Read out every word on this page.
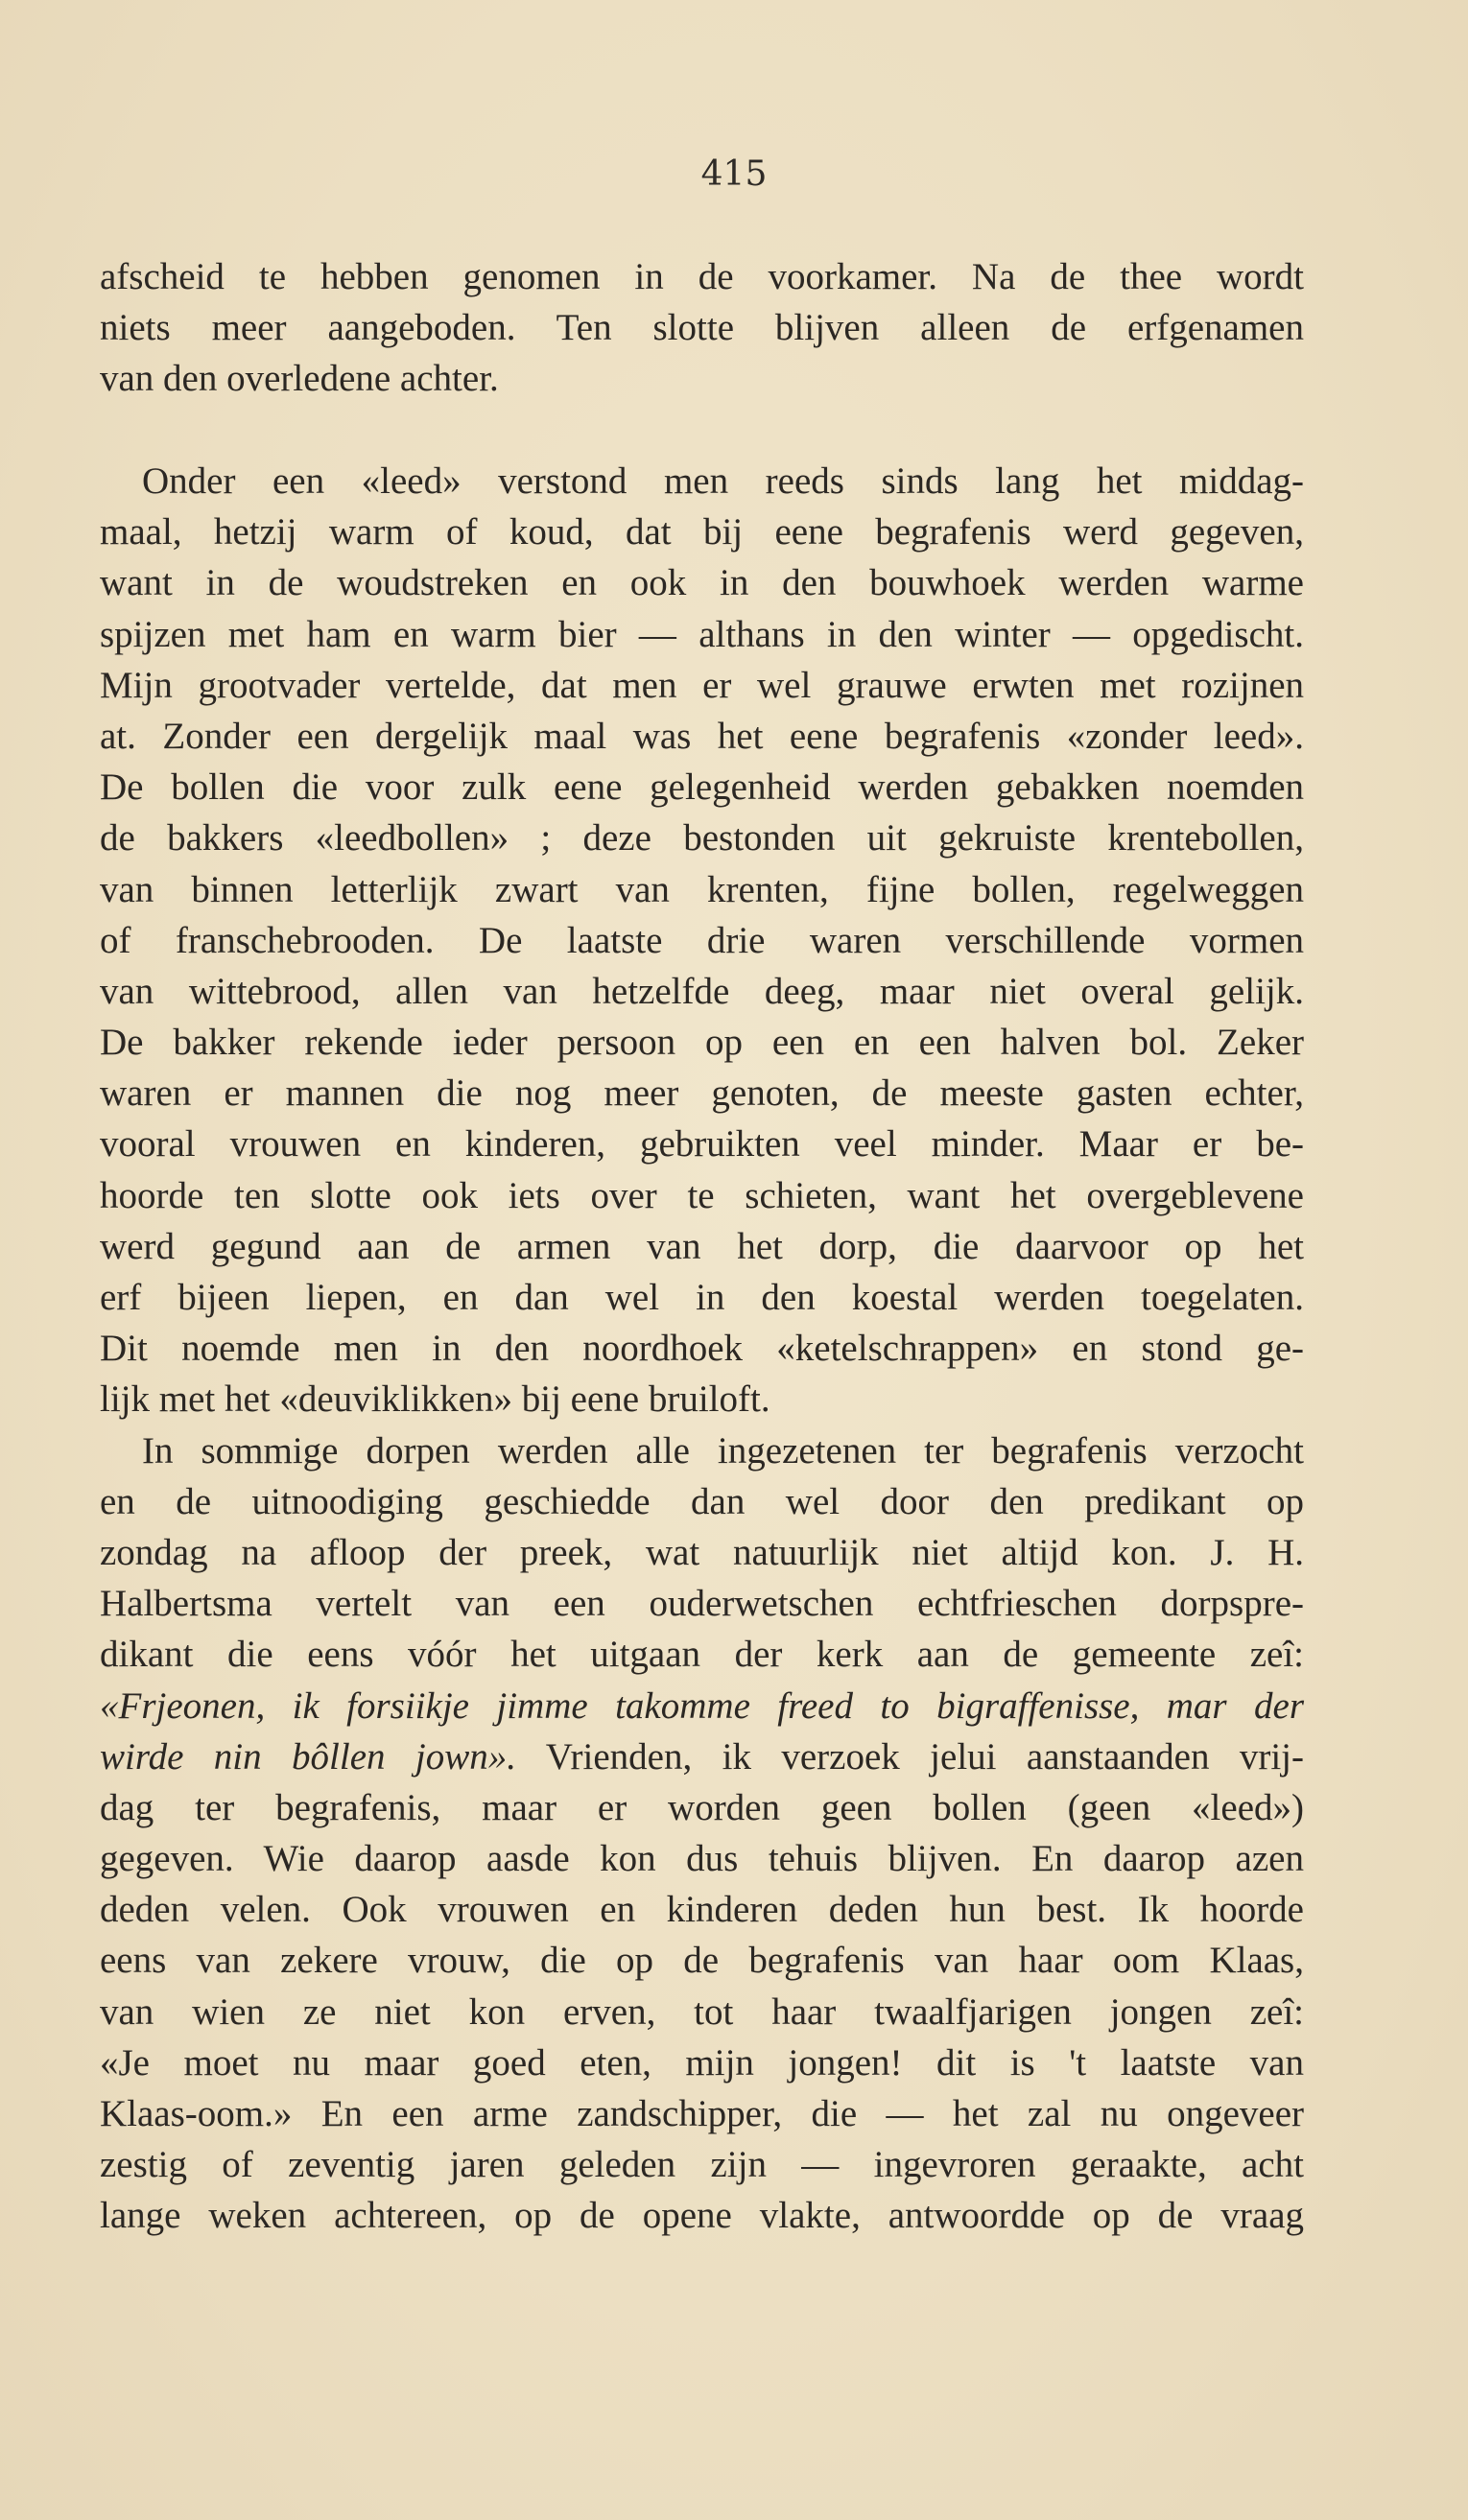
415
afscheid te hebben genomen in de voorkamer. Na de thee wordt
niets meer aangeboden. Ten slotte blijven alleen de erfgenamen
van den overledene achter.
Onder een «leed» verstond men reeds sinds lang het middag-
maal, hetzij warm of koud, dat bij eene begrafenis werd gegeven,
want in de woudstreken en ook in den bouwhoek werden warme
spijzen met ham en warm bier — althans in den winter — opgedischt.
Mijn grootvader vertelde, dat men er wel grauwe erwten met rozijnen
at. Zonder een dergelijk maal was het eene begrafenis «zonder leed».
De bollen die voor zulk eene gelegenheid werden gebakken noemden
de bakkers «leedbollen» ; deze bestonden uit gekruiste krentebollen,
van binnen letterlijk zwart van krenten, fijne bollen, regelweggen
of franschebrooden. De laatste drie waren verschillende vormen
van wittebrood, allen van hetzelfde deeg, maar niet overal gelijk.
De bakker rekende ieder persoon op een en een halven bol. Zeker
waren er mannen die nog meer genoten, de meeste gasten echter,
vooral vrouwen en kinderen, gebruikten veel minder. Maar er be-
hoorde ten slotte ook iets over te schieten, want het overgeblevene
werd gegund aan de armen van het dorp, die daarvoor op het
erf bijeen liepen, en dan wel in den koestal werden toegelaten.
Dit noemde men in den noordhoek «ketelschrappen» en stond ge-
lijk met het «deuviklikken» bij eene bruiloft.
In sommige dorpen werden alle ingezetenen ter begrafenis verzocht
en de uitnoodiging geschiedde dan wel door den predikant op
zondag na afloop der preek, wat natuurlijk niet altijd kon. J. H.
Halbertsma vertelt van een ouderwetschen echtfrieschen dorpspre-
dikant die eens vóór het uitgaan der kerk aan de gemeente zeî:
«Frjeonen, ik forsiikje jimme takomme freed to bigraffenisse, mar der
wirde nin bôllen jown». Vrienden, ik verzoek jelui aanstaanden vrij-
dag ter begrafenis, maar er worden geen bollen (geen «leed»)
gegeven. Wie daarop aasde kon dus tehuis blijven. En daarop azen
deden velen. Ook vrouwen en kinderen deden hun best. Ik hoorde
eens van zekere vrouw, die op de begrafenis van haar oom Klaas,
van wien ze niet kon erven, tot haar twaalfjarigen jongen zeî:
«Je moet nu maar goed eten, mijn jongen! dit is 't laatste van
Klaas-oom.» En een arme zandschipper, die — het zal nu ongeveer
zestig of zeventig jaren geleden zijn — ingevroren geraakte, acht
lange weken achtereen, op de opene vlakte, antwoordde op de vraag
